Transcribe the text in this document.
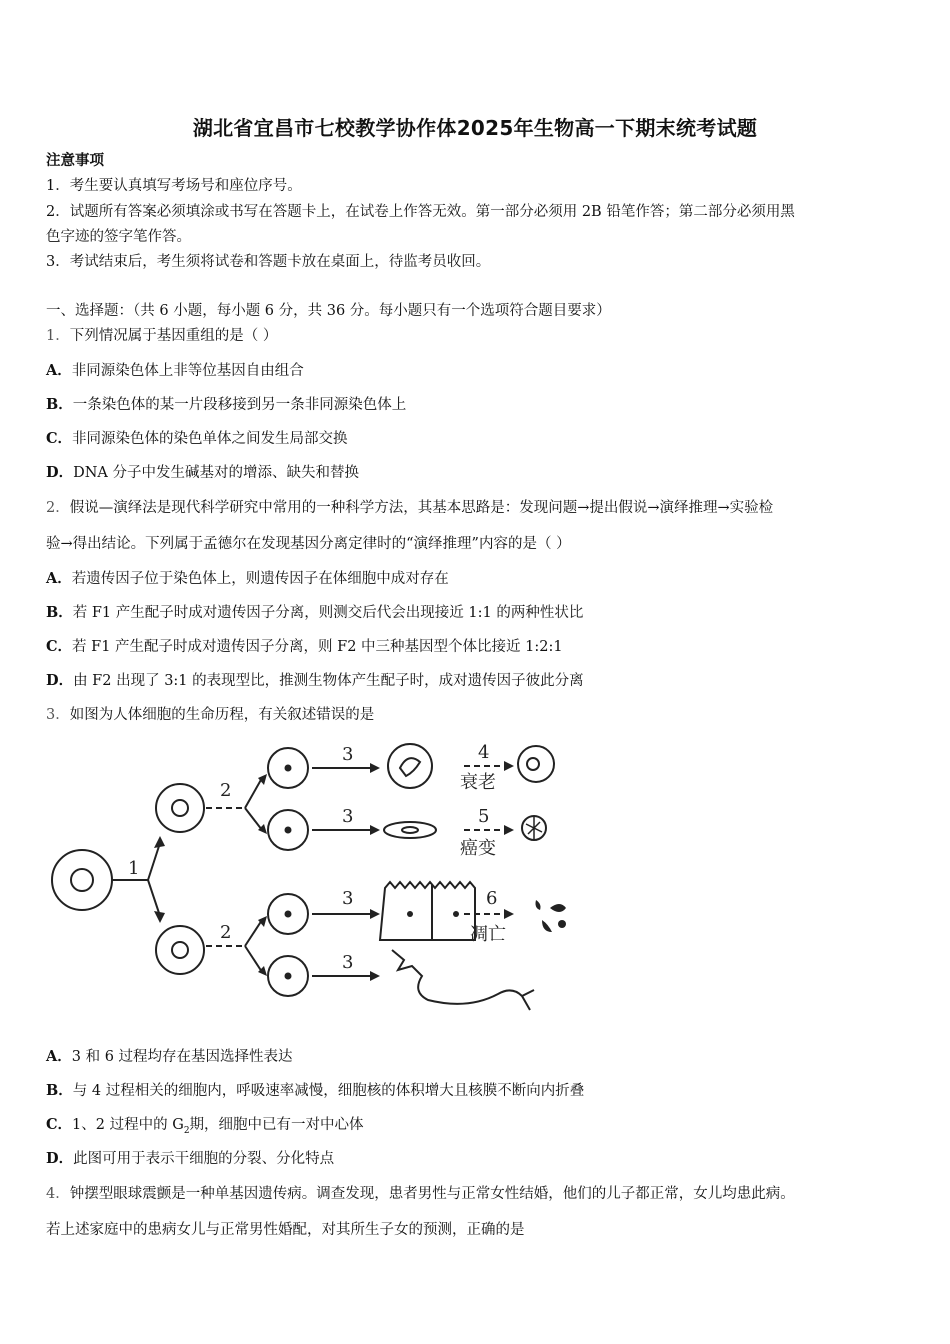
湖北省宜昌市七校教学协作体2025年生物高一下期末统考试题
注意事项
1．考生要认真填写考场号和座位序号。
2．试题所有答案必须填涂或书写在答题卡上，在试卷上作答无效。第一部分必须用 2B 铅笔作答；第二部分必须用黑
色字迹的签字笔作答。
3．考试结束后，考生须将试卷和答题卡放在桌面上，待监考员收回。
一、选择题：（共 6 小题，每小题 6 分，共 36 分。每小题只有一个选项符合题目要求）
1．下列情况属于基因重组的是（ ）
A．非同源染色体上非等位基因自由组合
B．一条染色体的某一片段移接到另一条非同源染色体上
C．非同源染色体的染色单体之间发生局部交换
D．DNA 分子中发生碱基对的增添、缺失和替换
2．假说—演绎法是现代科学研究中常用的一种科学方法，其基本思路是：发现问题→提出假说→演绎推理→实验检
验→得出结论。下列属于孟德尔在发现基因分离定律时的“演绎推理”内容的是（ ）
A．若遗传因子位于染色体上，则遗传因子在体细胞中成对存在
B．若 F1 产生配子时成对遗传因子分离，则测交后代会出现接近 1:1 的两种性状比
C．若 F1 产生配子时成对遗传因子分离，则 F2 中三种基因型个体比接近 1:2:1
D．由 F2 出现了 3:1 的表现型比，推测生物体产生配子时，成对遗传因子彼此分离
3．如图为人体细胞的生命历程，有关叙述错误的是
1
2
2
3
3
3
3
4
5
6
衰老
癌变
凋亡
A．3 和 6 过程均存在基因选择性表达
B．与 4 过程相关的细胞内，呼吸速率减慢，细胞核的体积增大且核膜不断向内折叠
C．1、2 过程中的 $G_2$期，细胞中已有一对中心体
D．此图可用于表示干细胞的分裂、分化特点
4．钟摆型眼球震颤是一种单基因遗传病。调查发现，患者男性与正常女性结婚，他们的儿子都正常，女儿均患此病。
若上述家庭中的患病女儿与正常男性婚配，对其所生子女的预测，正确的是
